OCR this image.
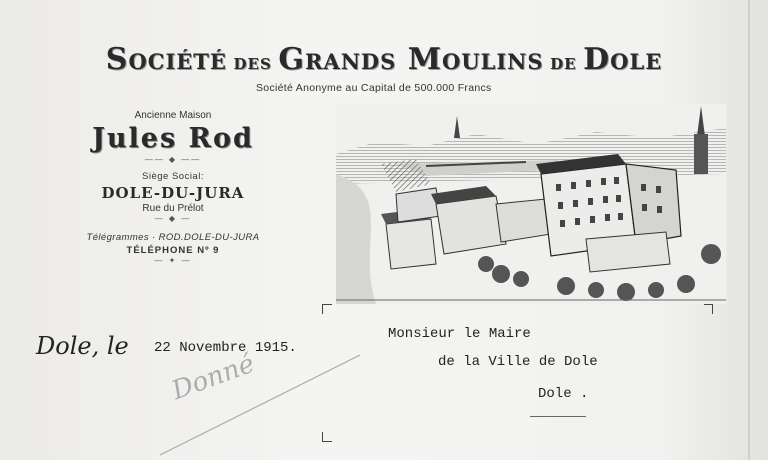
Société des Grands Moulins de Dole
Société Anonyme au Capital de 500.000 Francs
Ancienne Maison
Jules Rod
—— ◆ ——
Siège Social:
DOLE-DU-JURA
Rue du Prélot
— ◆ —
Télégrammes · ROD.DOLE-DU-JURA
TÉLÉPHONE Nº 9
— ✦ —
Dole, le 22 Novembre 1915.
Monsieur le Maire
de la Ville de Dole
Dole .
Donné
